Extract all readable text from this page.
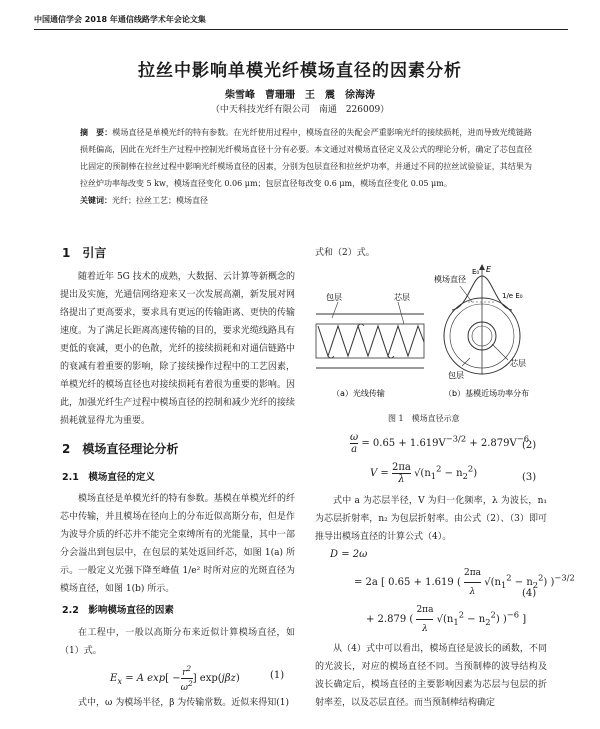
中国通信学会 2018 年通信线路学术年会论文集
拉丝中影响单模光纤模场直径的因素分析
柴雪峰　曹珊珊　王　震　徐海涛
（中天科技光纤有限公司　南通　226009）
摘　要：模场直径是单模光纤的特有参数。在光纤使用过程中，模场直径的失配会严重影响光纤的接续损耗，进而导致光缆链路损耗偏高，因此在光纤生产过程中控制光纤模场直径十分有必要。本文通过对模场直径定义及公式的理论分析，确定了芯包直径比固定的预制棒在拉丝过程中影响光纤模场直径的因素，分别为包层直径和拉丝炉功率，并通过不同的拉丝试验验证，其结果为拉丝炉功率每改变 5 kw，模场直径变化 0.06 μm；包层直径每改变 0.6 μm，模场直径变化 0.05 μm。
关键词：光纤；拉丝工艺；模场直径
1　引言
随着近年 5G 技术的成熟，大数据、云计算等新概念的提出及实施，光通信网络迎来又一次发展高潮，新发展对网络提出了更高要求，要求具有更远的传输距离、更快的传输速度。为了满足长距离高速传输的目的，要求光缆线路具有更低的衰减，更小的色散，光纤的接续损耗和对通信链路中的衰减有着重要的影响，除了接续操作过程中的工艺因素，单模光纤的模场直径也对接续损耗有着很为重要的影响。因此，加强光纤生产过程中模场直径的控制和减少光纤的接续损耗就显得尤为重要。
2　模场直径理论分析
2.1　模场直径的定义
模场直径是单模光纤的特有参数。基模在单模光纤的纤芯中传输，并且模场在径向上的分布近似高斯分布，但是作为波导介质的纤芯并不能完全束缚所有的光能量，其中一部分会溢出到包层中，在包层的某处返回纤芯，如图 1(a) 所示。一般定义光强下降至峰值 1/e² 时所对应的光斑直径为模场直径，如图 1(b) 所示。
2.2　影响模场直径的因素
在工程中，一般以高斯分布来近似计算模场直径，如（1）式。
$E_x = A$ $\exp[ - \frac{r^2}{\omega^2}$ ] exp(jβz)	(1)
式中，ω 为模场半径，β 为传输常数。近似来得知(1)
式和（2）式。
包层	芯层
（a）光线传输
E
E₀
1/e E₀
模场直径
包层
芯层
（b）基模近场功率分布
图 1　模场直径示意
$\frac{\omega}{a} = 0.65 + 1.619V^{-3/2} + 2.879V^{-6}$
(2)
$V = \frac{2\pi a}{\lambda} √(n_1^2 - n_2^2)$	(3)
式中 a 为芯层半径，V 为归一化频率，λ 为波长，n₁ 为芯层折射率，n₂ 为包层折射率。由公式（2）、（3）即可推导出模场直径的计算公式（4）。
D = 2ω
= 2a [ 0.65 + 1.619 ( $\frac{2\pi a}{\lambda} √(n_1^2 - n_2^2)$ )$^{-3/2}$
+ 2.879 ( $\frac{2\pi a}{\lambda} √(n_1^2 - n_2^2)$ )$^{-6}$ ]
(4)
从（4）式中可以看出，模场直径是波长的函数，不同的光波长，对应的模场直径不同。当预制棒的波导结构及波长确定后，模场直径的主要影响因素为芯层与包层的折射率差，以及芯层直径。而当预制棒结构确定
